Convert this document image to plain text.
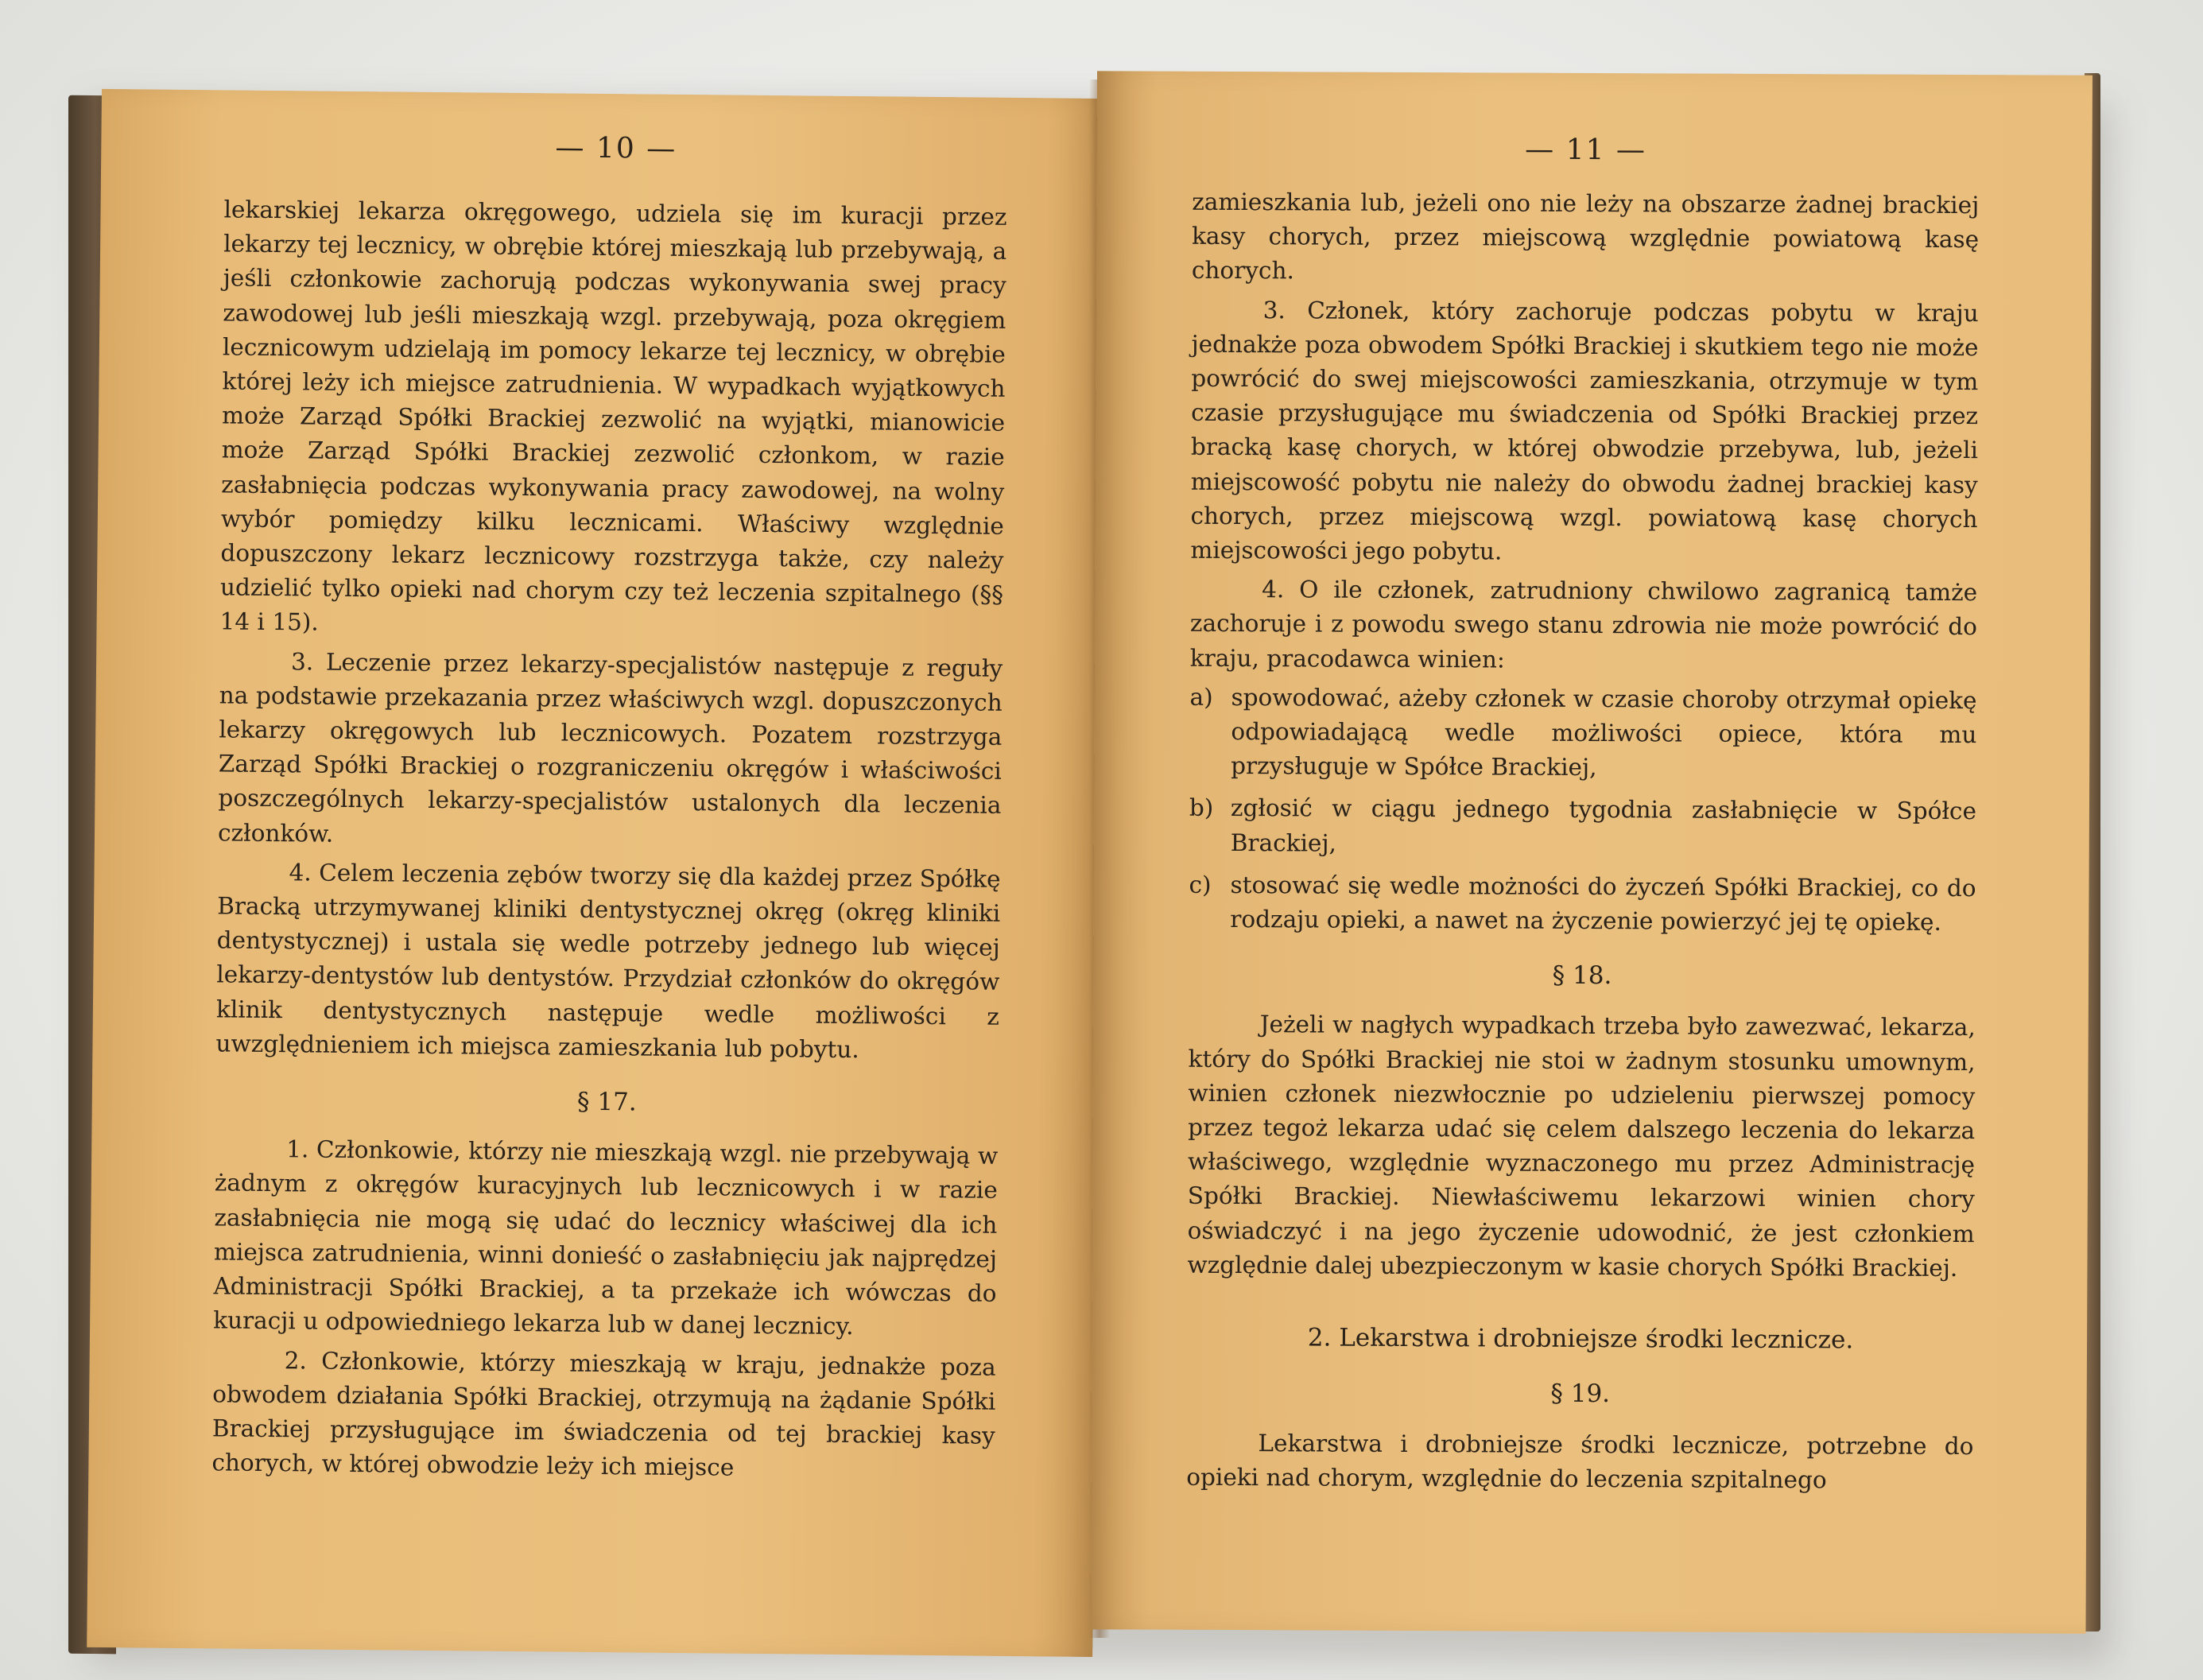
— 10 —

lekarskiej lekarza okręgowego, udziela się im kuracji przez lekarzy tej lecznicy, w obrębie której mieszkają lub przebywają, a jeśli członkowie zachorują podczas wykonywania swej pracy zawodowej lub jeśli mieszkają wzgl. przebywają, poza okręgiem lecznicowym udzielają im pomocy lekarze tej lecznicy, w obrębie której leży ich miejsce zatrudnienia. W wypadkach wyjątkowych może Zarząd Spółki Brackiej zezwolić na wyjątki, mianowicie może Zarząd Spółki Brackiej zezwolić członkom, w razie zasłabnięcia podczas wykonywania pracy zawodowej, na wolny wybór pomiędzy kilku lecznicami. Właściwy względnie dopuszczony lekarz lecznicowy rozstrzyga także, czy należy udzielić tylko opieki nad chorym czy też leczenia szpitalnego (§§ 14 i 15).

3. Leczenie przez lekarzy-specjalistów następuje z reguły na podstawie przekazania przez właściwych wzgl. dopuszczonych lekarzy okręgowych lub lecznicowych. Pozatem rozstrzyga Zarząd Spółki Brackiej o rozgraniczeniu okręgów i właściwości poszczególnych lekarzy-specjalistów ustalonych dla leczenia członków.

4. Celem leczenia zębów tworzy się dla każdej przez Spółkę Bracką utrzymywanej kliniki dentystycznej okręg (okręg kliniki dentystycznej) i ustala się wedle potrzeby jednego lub więcej lekarzy-dentystów lub dentystów. Przydział członków do okręgów klinik dentystycznych następuje wedle możliwości z uwzględnieniem ich miejsca zamieszkania lub pobytu.

§ 17.

1. Członkowie, którzy nie mieszkają wzgl. nie przebywają w żadnym z okręgów kuracyjnych lub lecznicowych i w razie zasłabnięcia nie mogą się udać do lecznicy właściwej dla ich miejsca zatrudnienia, winni donieść o zasłabnięciu jak najprędzej Administracji Spółki Brackiej, a ta przekaże ich wówczas do kuracji u odpowiedniego lekarza lub w danej lecznicy.

2. Członkowie, którzy mieszkają w kraju, jednakże poza obwodem działania Spółki Brackiej, otrzymują na żądanie Spółki Brackiej przysługujące im świadczenia od tej brackiej kasy chorych, w której obwodzie leży ich miejsce

— 11 —

zamieszkania lub, jeżeli ono nie leży na obszarze żadnej brackiej kasy chorych, przez miejscową względnie powiatową kasę chorych.

3. Członek, który zachoruje podczas pobytu w kraju jednakże poza obwodem Spółki Brackiej i skutkiem tego nie może powrócić do swej miejscowości zamieszkania, otrzymuje w tym czasie przysługujące mu świadczenia od Spółki Brackiej przez bracką kasę chorych, w której obwodzie przebywa, lub, jeżeli miejscowość pobytu nie należy do obwodu żadnej brackiej kasy chorych, przez miejscową wzgl. powiatową kasę chorych miejscowości jego pobytu.

4. O ile członek, zatrudniony chwilowo zagranicą tamże zachoruje i z powodu swego stanu zdrowia nie może powrócić do kraju, pracodawca winien:

a) spowodować, ażeby członek w czasie choroby otrzymał opiekę odpowiadającą wedle możliwości opiece, która mu przysługuje w Spółce Brackiej,
b) zgłosić w ciągu jednego tygodnia zasłabnięcie w Spółce Brackiej,
c) stosować się wedle możności do życzeń Spółki Brackiej, co do rodzaju opieki, a nawet na życzenie powierzyć jej tę opiekę.
§ 18.

Jeżeli w nagłych wypadkach trzeba było zawezwać, lekarza, który do Spółki Brackiej nie stoi w żadnym stosunku umownym, winien członek niezwłocznie po udzieleniu pierwszej pomocy przez tegoż lekarza udać się celem dalszego leczenia do lekarza właściwego, względnie wyznaczonego mu przez Administrację Spółki Brackiej. Niewłaściwemu lekarzowi winien chory oświadczyć i na jego życzenie udowodnić, że jest członkiem względnie dalej ubezpieczonym w kasie chorych Spółki Brackiej.

2. Lekarstwa i drobniejsze środki lecznicze.
§ 19.

Lekarstwa i drobniejsze środki lecznicze, potrzebne do opieki nad chorym, względnie do leczenia szpitalnego
